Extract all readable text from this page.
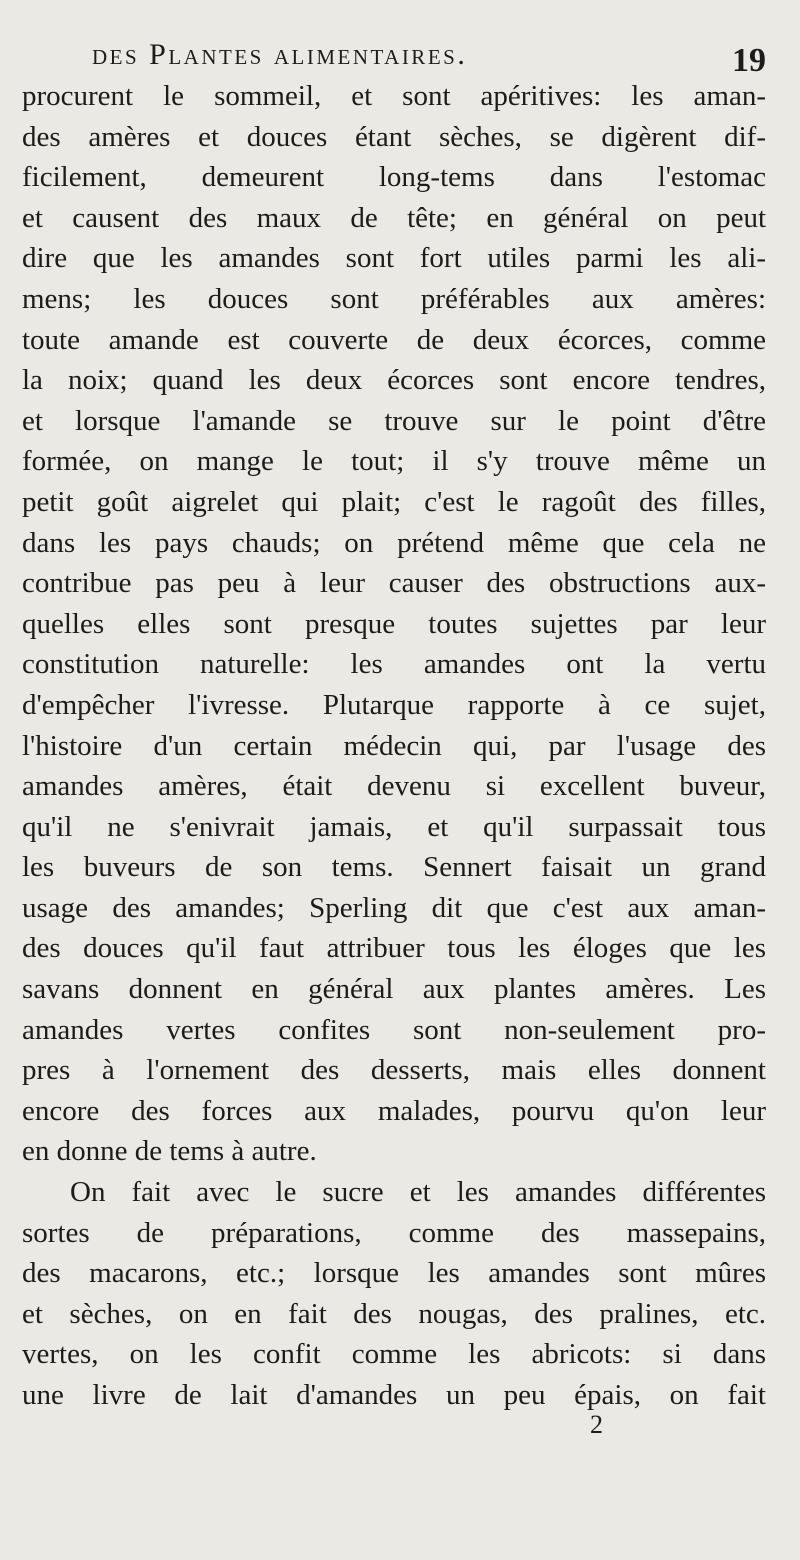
des Plantes alimentaires.	19
procurent le sommeil, et sont apéritives: les aman-
des amères et douces étant sèches, se digèrent dif-
ficilement, demeurent long-tems dans l'estomac
et causent des maux de tête; en général on peut
dire que les amandes sont fort utiles parmi les ali-
mens; les douces sont préférables aux amères:
toute amande est couverte de deux écorces, comme
la noix; quand les deux écorces sont encore tendres,
et lorsque l'amande se trouve sur le point d'être
formée, on mange le tout; il s'y trouve même un
petit goût aigrelet qui plait; c'est le ragoût des filles,
dans les pays chauds; on prétend même que cela ne
contribue pas peu à leur causer des obstructions aux-
quelles elles sont presque toutes sujettes par leur
constitution naturelle: les amandes ont la vertu
d'empêcher l'ivresse. Plutarque rapporte à ce sujet,
l'histoire d'un certain médecin qui, par l'usage des
amandes amères, était devenu si excellent buveur,
qu'il ne s'enivrait jamais, et qu'il surpassait tous
les buveurs de son tems. Sennert faisait un grand
usage des amandes; Sperling dit que c'est aux aman-
des douces qu'il faut attribuer tous les éloges que les
savans donnent en général aux plantes amères. Les
amandes vertes confites sont non-seulement pro-
pres à l'ornement des desserts, mais elles donnent
encore des forces aux malades, pourvu qu'on leur
en donne de tems à autre.
On fait avec le sucre et les amandes différentes
sortes de préparations, comme des massepains,
des macarons, etc.; lorsque les amandes sont mûres
et sèches, on en fait des nougas, des pralines, etc.
vertes, on les confit comme les abricots: si dans
une livre de lait d'amandes un peu épais, on fait
2
